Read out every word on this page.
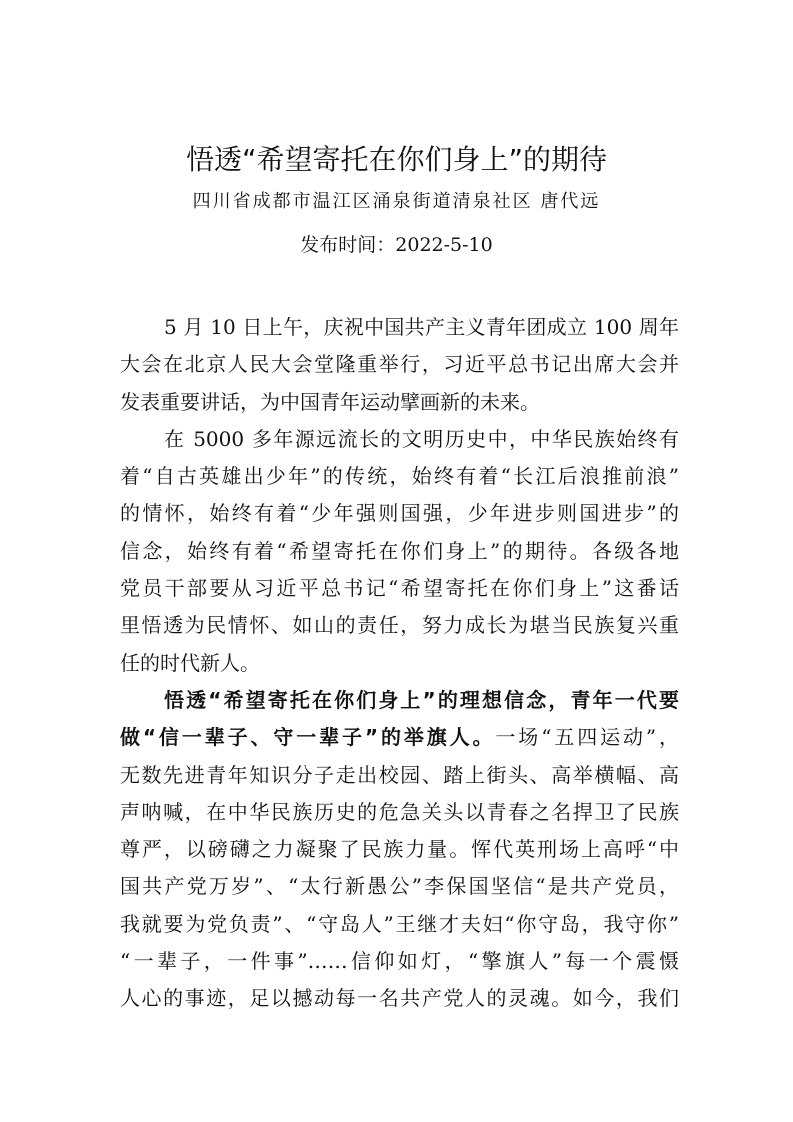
悟透“希望寄托在你们身上”的期待
四川省成都市温江区涌泉街道清泉社区 唐代远
发布时间：2022-5-10
5 月 10 日上午，庆祝中国共产主义青年团成立 100 周年
大会在北京人民大会堂隆重举行，习近平总书记出席大会并
发表重要讲话，为中国青年运动擘画新的未来。
在 5000 多年源远流长的文明历史中，中华民族始终有
着“自古英雄出少年”的传统，始终有着“长江后浪推前浪”
的情怀，始终有着“少年强则国强，少年进步则国进步”的
信念，始终有着“希望寄托在你们身上”的期待。各级各地
党员干部要从习近平总书记“希望寄托在你们身上”这番话
里悟透为民情怀、如山的责任，努力成长为堪当民族复兴重
任的时代新人。
悟透“希望寄托在你们身上”的理想信念，青年一代要
做“信一辈子、守一辈子”的举旗人。一场“五四运动”，
无数先进青年知识分子走出校园、踏上街头、高举横幅、高
声呐喊，在中华民族历史的危急关头以青春之名捍卫了民族
尊严，以磅礴之力凝聚了民族力量。恽代英刑场上高呼“中
国共产党万岁”、“太行新愚公”李保国坚信“是共产党员，
我就要为党负责”、“守岛人”王继才夫妇“你守岛，我守你”
“一辈子，一件事”……信仰如灯，“擎旗人”每一个震慑
人心的事迹，足以撼动每一名共产党人的灵魂。如今，我们
